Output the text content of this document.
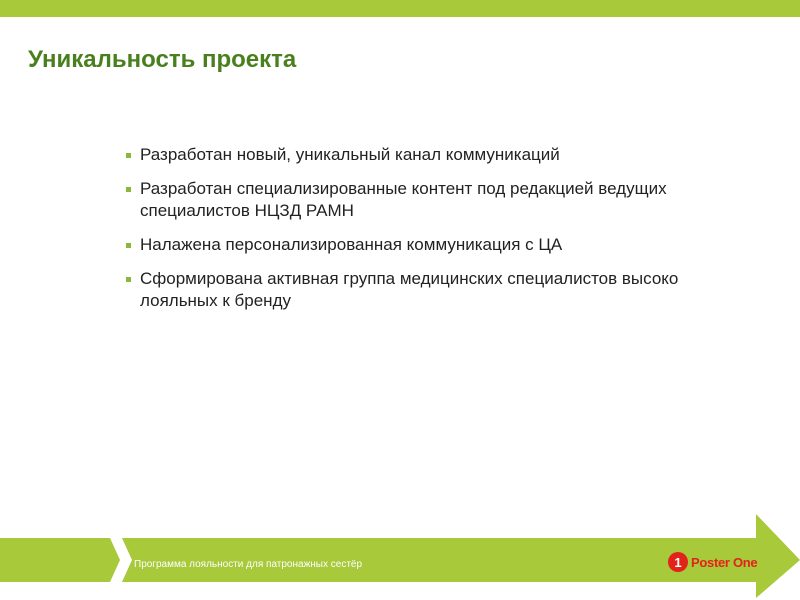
Уникальность проекта
Разработан новый, уникальный канал коммуникаций
Разработан специализированные контент под редакцией ведущих специалистов НЦЗД РАМН
Налажена персонализированная коммуникация с ЦА
Сформирована активная группа медицинских специалистов высоко лояльных к бренду
Программа лояльности для патронажных сестёр	1 Poster One
